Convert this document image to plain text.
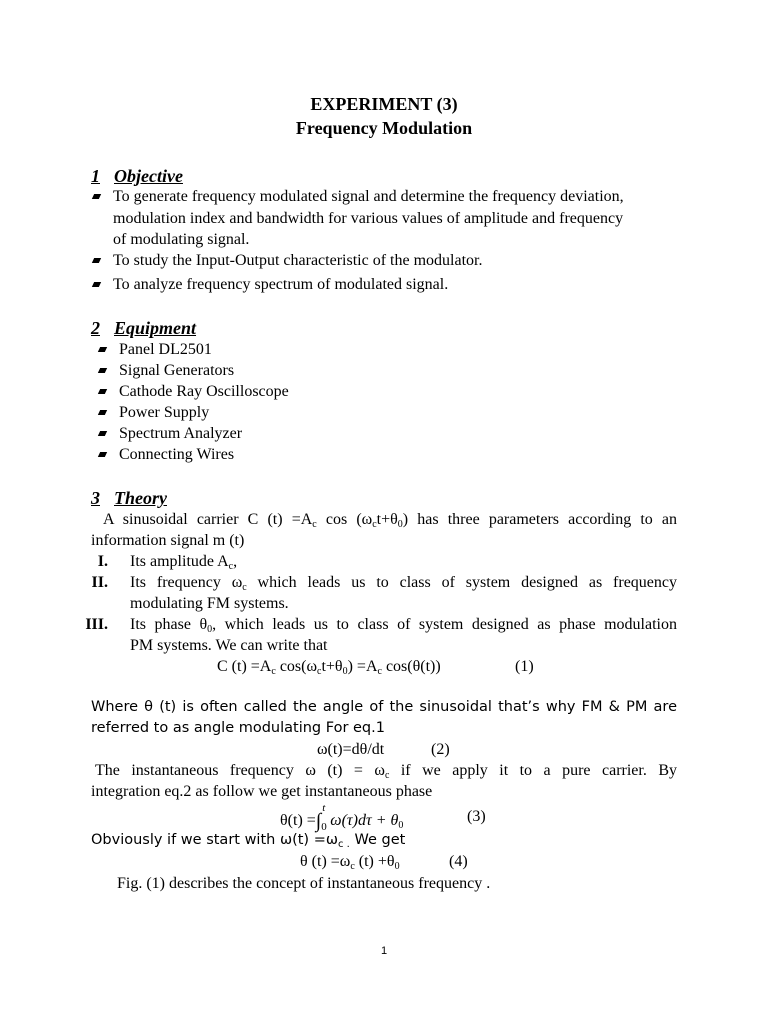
EXPERIMENT (3)
Frequency Modulation
1 Objective
To generate frequency modulated signal and determine the frequency deviation,
modulation index and bandwidth for various values of amplitude and frequency
of modulating signal.
To study the Input-Output characteristic of the modulator.
To analyze frequency spectrum of modulated signal.
2 Equipment
Panel DL2501
Signal Generators
Cathode Ray Oscilloscope
Power Supply
Spectrum Analyzer
Connecting Wires
3 Theory
A sinusoidal carrier C $(t) =A_c$ $\cos (\omega_ct+\theta_0)$ has three parameters according to an
information signal m (t)
I. Its amplitude $A_c$,
II. Its frequency $\omega_c$ which leads us to class of system designed as frequency
modulating FM systems.
III. Its phase $\theta_0$, which leads us to class of system designed as phase modulation
PM systems. We can write that
C $(t) =A_c$ $\cos(\omega_ct+\theta_0) =A_c$ cos(θ(t))	(1)
Where θ (t) is often called the angle of the sinusoidal that’s why FM & PM are
referred to as angle modulating For eq.1
ω(t)=dθ/dt	(2)
The instantaneous frequency ω $(t) = \omega_c$ if we apply it to a pure carrier. By
integration eq.2 as follow we get instantaneous phase
θ(t) =∫
t
0 $\omega(\tau)d\tau + \theta_0$
(3)
Obviously if we start with $\omega(t) =\omega_{c .}$ We get
θ $(t) =\omega_c$ $(t) +\theta_0$	(4)
Fig. (1) describes the concept of instantaneous frequency .
1
